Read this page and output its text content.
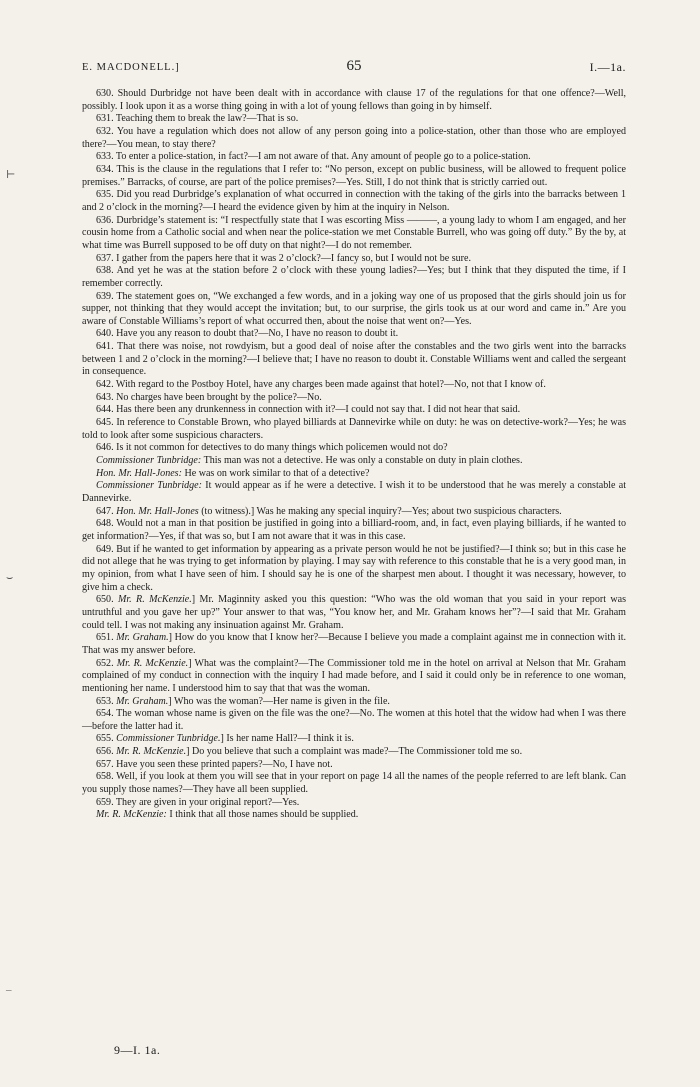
E. MACDONELL.]	65	I.—1a.

630. Should Durbridge not have been dealt with in accordance with clause 17 of the regulations for that one offence?—Well, possibly. I look upon it as a worse thing going in with a lot of young fellows than going in by himself.

631. Teaching them to break the law?—That is so.

632. You have a regulation which does not allow of any person going into a police-station, other than those who are employed there?—You mean, to stay there?

633. To enter a police-station, in fact?—I am not aware of that. Any amount of people go to a police-station.

634. This is the clause in the regulations that I refer to: “No person, except on public business, will be allowed to frequent police premises.” Barracks, of course, are part of the police premises?—Yes. Still, I do not think that is strictly carried out.

635. Did you read Durbridge’s explanation of what occurred in connection with the taking of the girls into the barracks between 1 and 2 o’clock in the morning?—I heard the evidence given by him at the inquiry in Nelson.

636. Durbridge’s statement is: “I respectfully state that I was escorting Miss ———, a young lady to whom I am engaged, and her cousin home from a Catholic social and when near the police-station we met Constable Burrell, who was going off duty.” By the by, at what time was Burrell supposed to be off duty on that night?—I do not remember.

637. I gather from the papers here that it was 2 o’clock?—I fancy so, but I would not be sure.

638. And yet he was at the station before 2 o’clock with these young ladies?—Yes; but I think that they disputed the time, if I remember correctly.

639. The statement goes on, “We exchanged a few words, and in a joking way one of us proposed that the girls should join us for supper, not thinking that they would accept the invitation; but, to our surprise, the girls took us at our word and came in.” Are you aware of Constable Williams’s report of what occurred then, about the noise that went on?—Yes.

640. Have you any reason to doubt that?—No, I have no reason to doubt it.

641. That there was noise, not rowdyism, but a good deal of noise after the constables and the two girls went into the barracks between 1 and 2 o’clock in the morning?—I believe that; I have no reason to doubt it. Constable Williams went and called the sergeant in consequence.

642. With regard to the Postboy Hotel, have any charges been made against that hotel?—No, not that I know of.

643. No charges have been brought by the police?—No.

644. Has there been any drunkenness in connection with it?—I could not say that. I did not hear that said.

645. In reference to Constable Brown, who played billiards at Dannevirke while on duty: he was on detective-work?—Yes; he was told to look after some suspicious characters.

646. Is it not common for detectives to do many things which policemen would not do?

Commissioner Tunbridge: This man was not a detective. He was only a constable on duty in plain clothes.

Hon. Mr. Hall-Jones: He was on work similar to that of a detective?

Commissioner Tunbridge: It would appear as if he were a detective. I wish it to be understood that he was merely a constable at Dannevirke.

647. Hon. Mr. Hall-Jones (to witness).] Was he making any special inquiry?—Yes; about two suspicious characters.

648. Would not a man in that position be justified in going into a billiard-room, and, in fact, even playing billiards, if he wanted to get information?—Yes, if that was so, but I am not aware that it was in this case.

649. But if he wanted to get information by appearing as a private person would he not be justified?—I think so; but in this case he did not allege that he was trying to get information by playing. I may say with reference to this constable that he is a very good man, in my opinion, from what I have seen of him. I should say he is one of the sharpest men about. I thought it was necessary, however, to give him a check.

650. Mr. R. McKenzie.] Mr. Maginnity asked you this question: “Who was the old woman that you said in your report was untruthful and you gave her up?” Your answer to that was, “You know her, and Mr. Graham knows her”?—I said that Mr. Graham could tell. I was not making any insinuation against Mr. Graham.

651. Mr. Graham.] How do you know that I know her?—Because I believe you made a complaint against me in connection with it. That was my answer before.

652. Mr. R. McKenzie.] What was the complaint?—The Commissioner told me in the hotel on arrival at Nelson that Mr. Graham complained of my conduct in connection with the inquiry I had made before, and I said it could only be in reference to one woman, mentioning her name. I understood him to say that that was the woman.

653. Mr. Graham.] Who was the woman?—Her name is given in the file.

654. The woman whose name is given on the file was the one?—No. The women at this hotel that the widow had when I was there—before the latter had it.

655. Commissioner Tunbridge.] Is her name Hall?—I think it is.

656. Mr. R. McKenzie.] Do you believe that such a complaint was made?—The Commissioner told me so.

657. Have you seen these printed papers?—No, I have not.

658. Well, if you look at them you will see that in your report on page 14 all the names of the people referred to are left blank. Can you supply those names?—They have all been supplied.

659. They are given in your original report?—Yes.

Mr. R. McKenzie: I think that all those names should be supplied.

9—I. 1a.
⊢
⌣
–
